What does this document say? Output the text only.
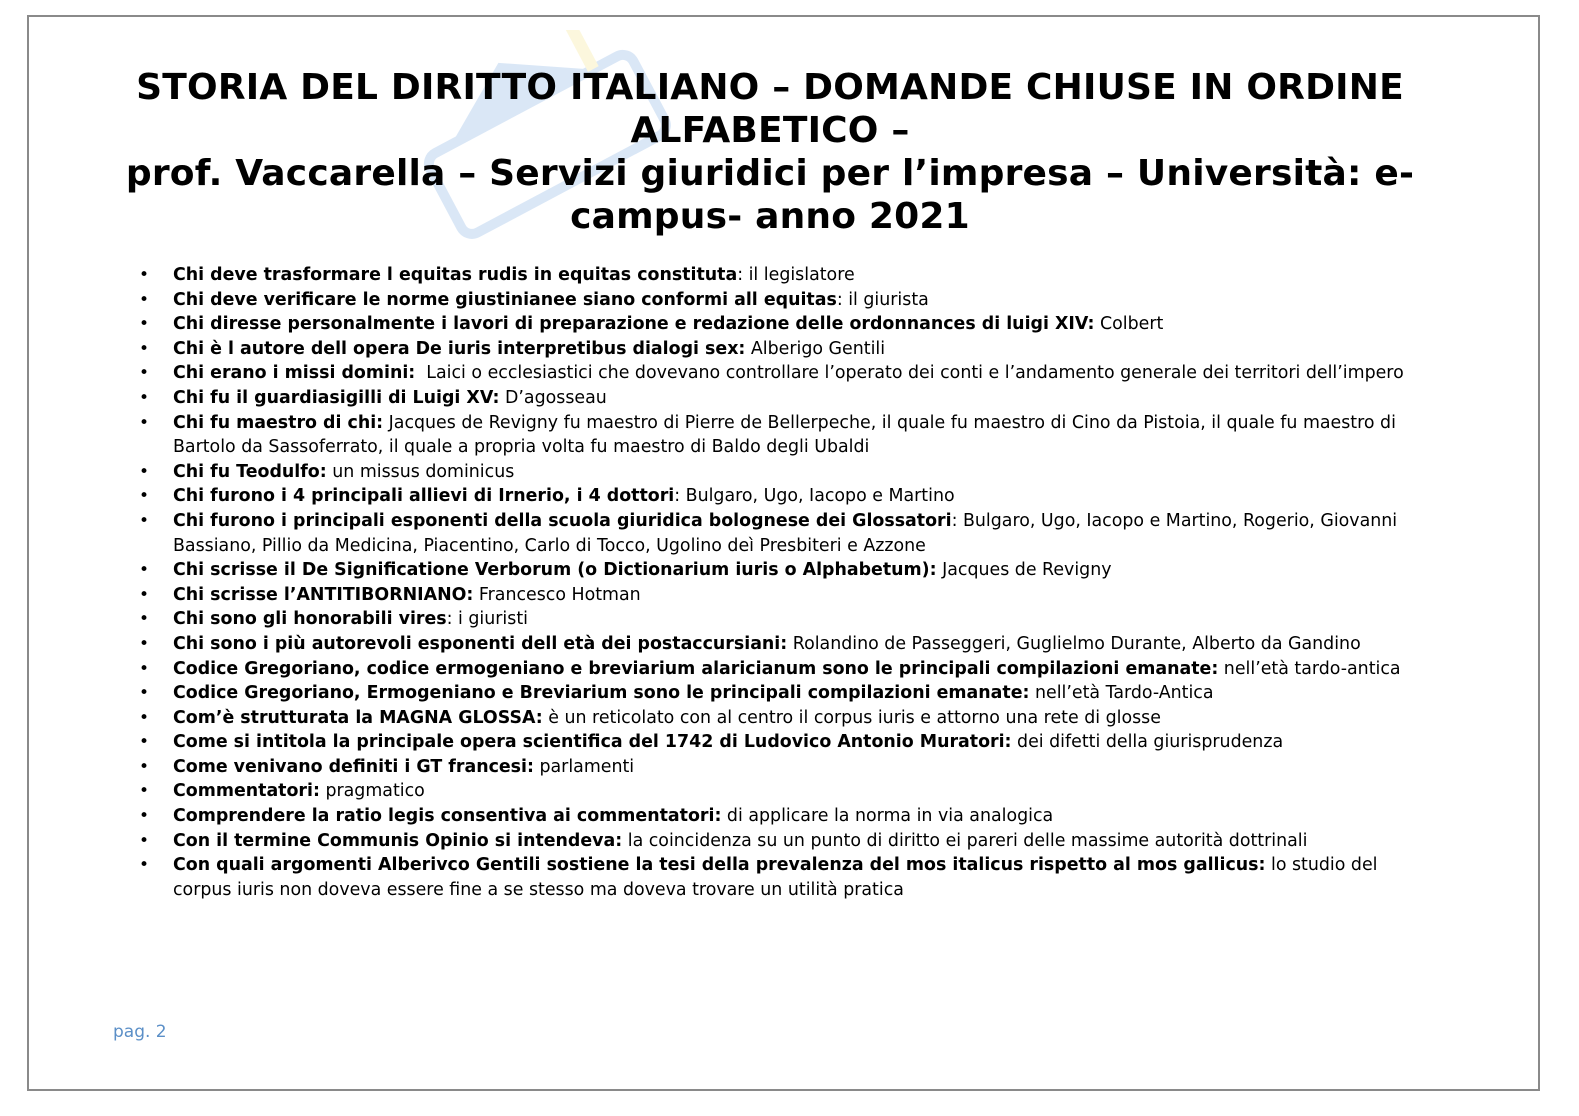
STORIA DEL DIRITTO ITALIANO – DOMANDE CHIUSE IN ORDINE
ALFABETICO –
prof. Vaccarella – Servizi giuridici per l’impresa – Università: e-
campus- anno 2021
• Chi deve trasformare l equitas rudis in equitas constituta: il legislatore
• Chi deve verificare le norme giustinianee siano conformi all equitas: il giurista
• Chi diresse personalmente i lavori di preparazione e redazione delle ordonnances di luigi XIV: Colbert
• Chi è l autore dell opera De iuris interpretibus dialogi sex: Alberigo Gentili
• Chi erano i missi domini:  Laici o ecclesiastici che dovevano controllare l’operato dei conti e l’andamento generale dei territori dell’impero
• Chi fu il guardiasigilli di Luigi XV: D’agosseau
• Chi fu maestro di chi: Jacques de Revigny fu maestro di Pierre de Bellerpeche, il quale fu maestro di Cino da Pistoia, il quale fu maestro di Bartolo da Sassoferrato, il quale a propria volta fu maestro di Baldo degli Ubaldi
• Chi fu Teodulfo: un missus dominicus
• Chi furono i 4 principali allievi di Irnerio, i 4 dottori: Bulgaro, Ugo, Iacopo e Martino
• Chi furono i principali esponenti della scuola giuridica bolognese dei Glossatori: Bulgaro, Ugo, Iacopo e Martino, Rogerio, Giovanni Bassiano, Pillio da Medicina, Piacentino, Carlo di Tocco, Ugolino deì Presbiteri e Azzone
• Chi scrisse il De Significatione Verborum (o Dictionarium iuris o Alphabetum): Jacques de Revigny
• Chi scrisse l’ANTITIBORNIANO: Francesco Hotman
• Chi sono gli honorabili vires: i giuristi
• Chi sono i più autorevoli esponenti dell età dei postaccursiani: Rolandino de Passeggeri, Guglielmo Durante, Alberto da Gandino
• Codice Gregoriano, codice ermogeniano e breviarium alaricianum sono le principali compilazioni emanate: nell’età tardo-antica
• Codice Gregoriano, Ermogeniano e Breviarium sono le principali compilazioni emanate: nell’età Tardo-Antica
• Com’è strutturata la MAGNA GLOSSA: è un reticolato con al centro il corpus iuris e attorno una rete di glosse
• Come si intitola la principale opera scientifica del 1742 di Ludovico Antonio Muratori: dei difetti della giurisprudenza
• Come venivano definiti i GT francesi: parlamenti
• Commentatori: pragmatico
• Comprendere la ratio legis consentiva ai commentatori: di applicare la norma in via analogica
• Con il termine Communis Opinio si intendeva: la coincidenza su un punto di diritto ei pareri delle massime autorità dottrinali
• Con quali argomenti Alberivco Gentili sostiene la tesi della prevalenza del mos italicus rispetto al mos gallicus: lo studio del corpus iuris non doveva essere fine a se stesso ma doveva trovare un utilità pratica
pag. 2
